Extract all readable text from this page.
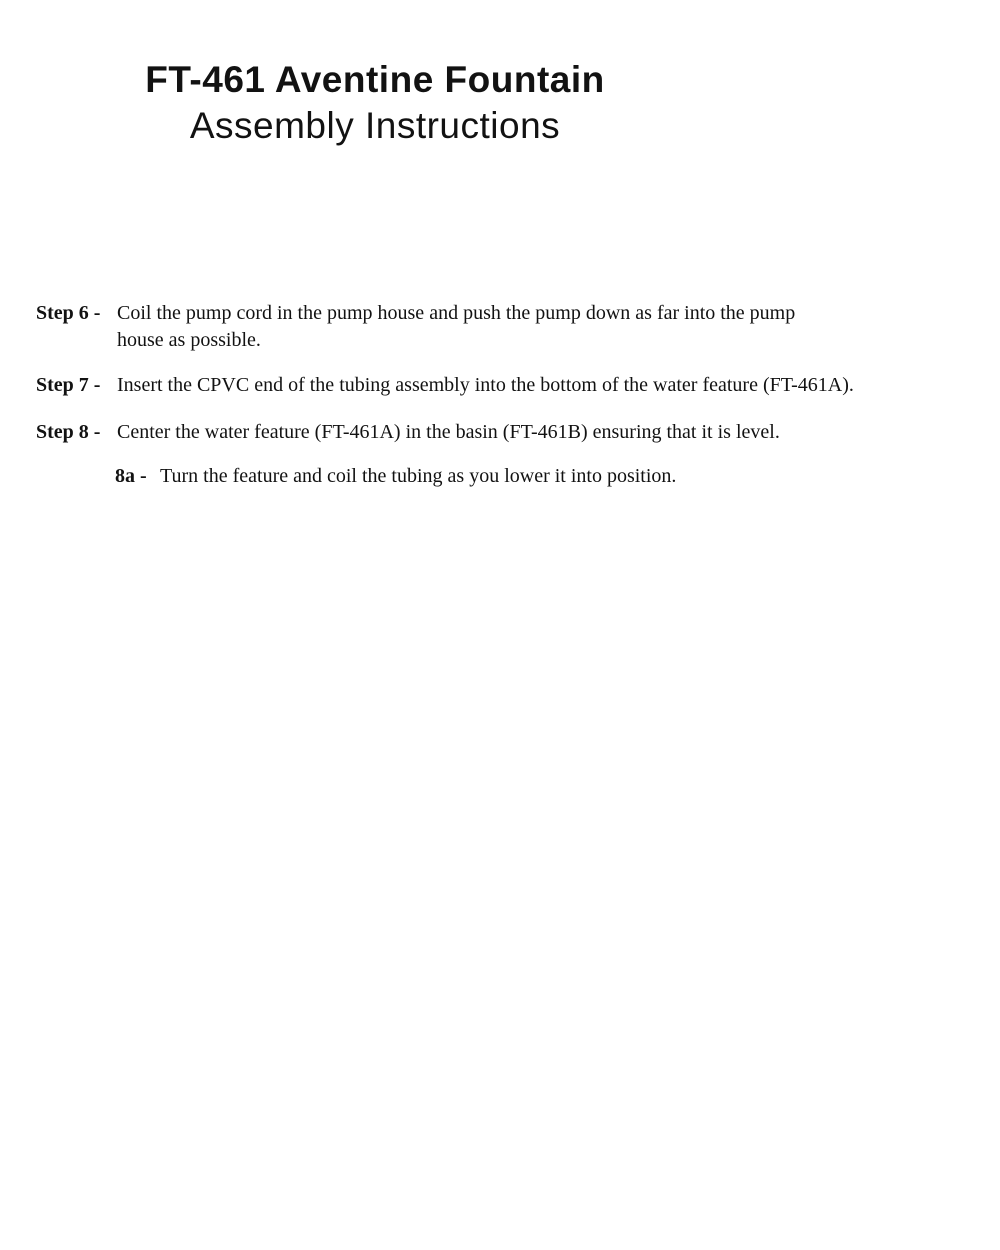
FT-461 Aventine Fountain
Assembly Instructions
Step 6 - Coil the pump cord in the pump house and push the pump down as far into the pump
house as possible.
Step 7 - Insert the CPVC end of the tubing assembly into the bottom of the water feature (FT-461A).
Step 8 - Center the water feature (FT-461A) in the basin (FT-461B) ensuring that it is level.
8a - Turn the feature and coil the tubing as you lower it into position.
